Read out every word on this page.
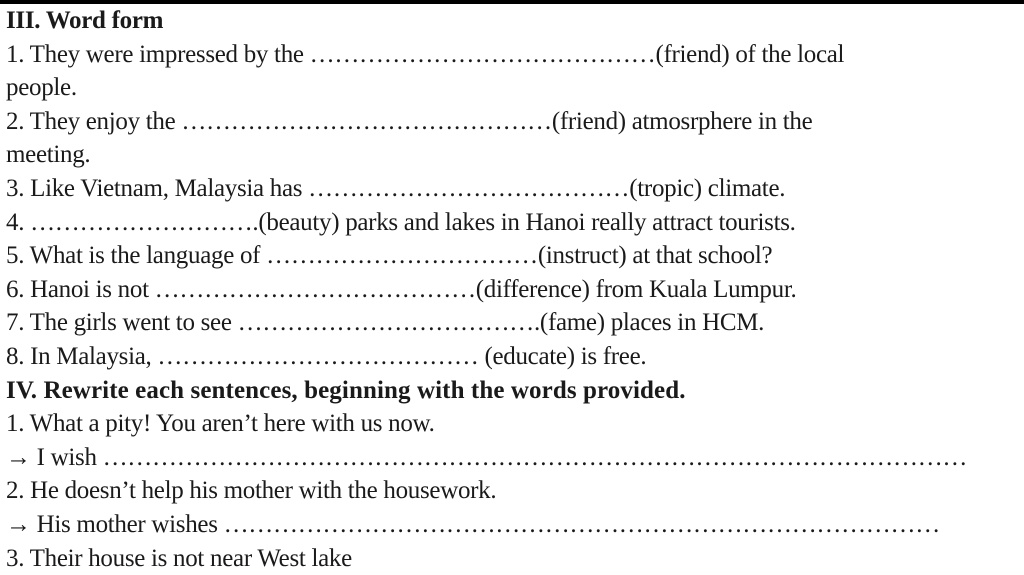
III. Word form
1. They were impressed by the ……………………………………(friend) of the local
people.
2. They enjoy the ………………………………………(friend) atmosrphere in the
meeting.
3. Like Vietnam, Malaysia has …………………………………(tropic) climate.
4. ……………………….(beauty) parks and lakes in Hanoi really attract tourists.
5. What is the language of ……………………………(instruct) at that school?
6. Hanoi is not …………………………………(difference) from Kuala Lumpur.
7. The girls went to see ……………………………….(fame) places in HCM.
8. In Malaysia, ………………………………… (educate) is free.
IV. Rewrite each sentences, beginning with the words provided.
1. What a pity! You aren’t here with us now.
→ I wish ……………………………………………………………………………………………
2. He doesn’t help his mother with the housework.
→ His mother wishes ……………………………………………………………………………
3. Their house is not near West lake
